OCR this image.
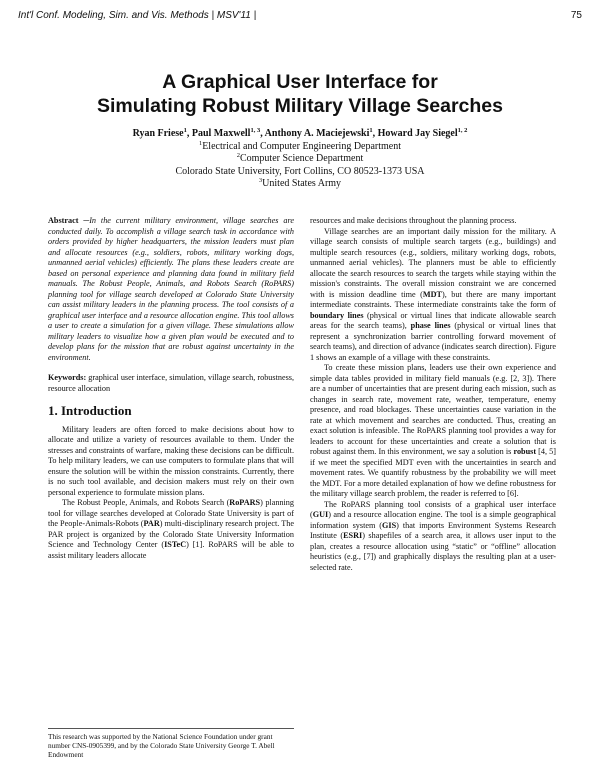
Int'l Conf. Modeling, Sim. and Vis. Methods | MSV'11 |	75
A Graphical User Interface for
Simulating Robust Military Village Searches
Ryan Friese$^1$, Paul Maxwell$^{1, 3}$, Anthony A. Maciejewski$^1$, Howard Jay Siegel$^{1, 2}$
$^1$Electrical and Computer Engineering Department
$^2$Computer Science Department
Colorado State University, Fort Collins, CO 80523-1373 USA
$^3$United States Army

Abstract ─In the current military environment, village searches are conducted daily. To accomplish a village search task in accordance with orders provided by higher headquarters, the mission leaders must plan and allocate resources (e.g., soldiers, robots, military working dogs, unmanned aerial vehicles) efficiently. The plans these leaders create are based on personal experience and planning data found in military field manuals. The Robust People, Animals, and Robots Search (RoPARS) planning tool for village search developed at Colorado State University can assist military leaders in the planning process. The tool consists of a graphical user interface and a resource allocation engine. This tool allows a user to create a simulation for a given village. These simulations allow military leaders to visualize how a given plan would be executed and to develop plans for the mission that are robust against uncertainty in the environment.

Keywords: graphical user interface, simulation, village search, robustness, resource allocation

1. Introduction

Military leaders are often forced to make decisions about how to allocate and utilize a variety of resources available to them. Under the stresses and constraints of warfare, making these decisions can be difficult. To help military leaders, we can use computers to formulate plans that will ensure the solution will be within the mission constraints. Currently, there is no such tool available, and decision makers must rely on their own personal experience to formulate mission plans.

The Robust People, Animals, and Robots Search (RoPARS) planning tool for village searches developed at Colorado State University is part of the People-Animals-Robots (PAR) multi-disciplinary research project. The PAR project is organized by the Colorado State University Information Science and Technology Center (ISTeC) [1]. RoPARS will be able to assist military leaders allocate

resources and make decisions throughout the planning process.

Village searches are an important daily mission for the military. A village search consists of multiple search targets (e.g., buildings) and multiple search resources (e.g., soldiers, military working dogs, robots, unmanned aerial vehicles). The planners must be able to efficiently allocate the search resources to search the targets while staying within the mission's constraints. The overall mission constraint we are concerned with is mission deadline time (MDT), but there are many important intermediate constraints. These intermediate constraints take the form of boundary lines (physical or virtual lines that indicate allowable search areas for the search teams), phase lines (physical or virtual lines that represent a synchronization barrier controlling forward movement of search teams), and direction of advance (indicates search direction). Figure 1 shows an example of a village with these constraints.

To create these mission plans, leaders use their own experience and simple data tables provided in military field manuals (e.g. [2, 3]). There are a number of uncertainties that are present during each mission, such as changes in search rate, movement rate, weather, temperature, enemy presence, and road blockages. These uncertainties cause variation in the rate at which movement and searches are conducted. Thus, creating an exact solution is infeasible. The RoPARS planning tool provides a way for leaders to account for these uncertainties and create a solution that is robust against them. In this environment, we say a solution is robust [4, 5] if we meet the specified MDT even with the uncertainties in search and movement rates. We quantify robustness by the probability we will meet the MDT. For a more detailed explanation of how we define robustness for the military village search problem, the reader is referred to [6].

The RoPARS planning tool consists of a graphical user interface (GUI) and a resource allocation engine. The tool is a simple geographical information system (GIS) that imports Environment Systems Research Institute (ESRI) shapefiles of a search area, it allows user input to the plan, creates a resource allocation using “static” or “offline” allocation heuristics (e.g., [7]) and graphically displays the resulting plan at a user-selected rate.

This research was supported by the National Science Foundation under grant number CNS-0905399, and by the Colorado State University George T. Abell Endowment
